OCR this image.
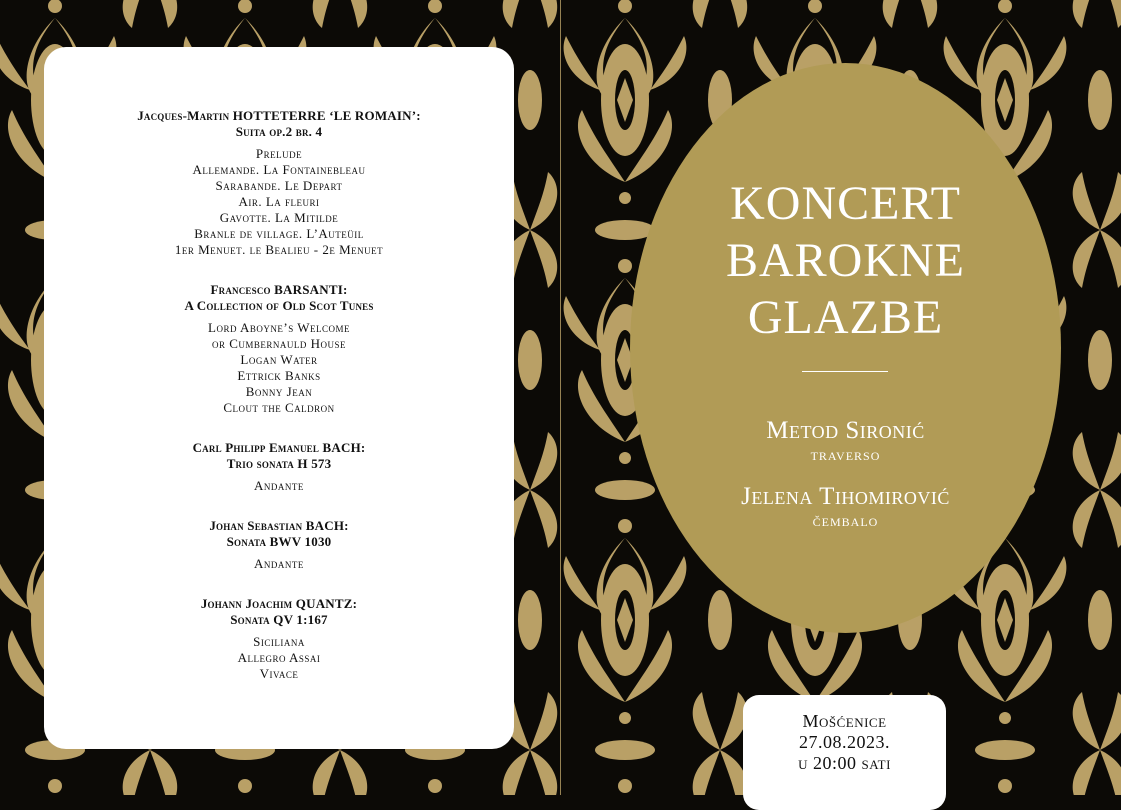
Jacques-Martin HOTTETERRE ‘LE ROMAIN’:
Suita op.2 br. 4
Prelude
Allemande. La Fontainebleau
Sarabande. Le Depart
Air. La fleuri
Gavotte. La Mitilde
Branle de village. L’Auteüil
1er Menuet. le Bealieu - 2e Menuet
Francesco BARSANTI:
A Collection of Old Scot Tunes
Lord Aboyne’s Welcome
or Cumbernauld House
Logan Water
Ettrick Banks
Bonny Jean
Clout the Caldron
Carl Philipp Emanuel BACH:
Trio sonata H 573
Andante
Johan Sebastian BACH:
Sonata BWV 1030
Andante
Johann Joachim QUANTZ:
Sonata QV 1:167
Siciliana
Allegro Assai
Vivace
KONCERT
BAROKNE
GLAZBE
Metod Sironić
traverso
Jelena Tihomirović
čembalo
Mošćenice
27.08.2023.
u 20:00 sati
